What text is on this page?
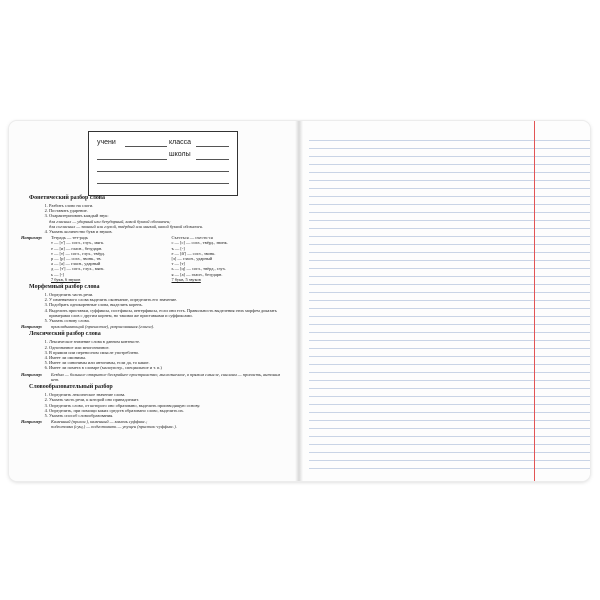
учени	класса
школы
Фонетический разбор слова
1. Разбить слово на слоги.
2. Поставить ударение.
3. Охарактеризовать каждый звук:
для гласных — ударный или безударный, какой буквой обозначен;
для согласных — звонкий или глухой, твёрдый или мягкий, какой буквой обозначен.
4. Указать количество букв и звуков.
Например:	Тетрадь — тет-радь
т — [т'] — согл., глух., мягк.
е — [и] — гласн., безударн.
т — [т] — согл., глух., твёрд.
р — [р] — согл., звонк., тв.
а — [а] — гласн., ударный
д — [т'] — согл., глух., мягк.
ь — [-]
7 букв, 6 звуков
Съесться — съесть-ся
с — [с] — согл., твёрд., звонк.
ъ — [-]
е — [й'] — согл., звонк.
[э] — гласн., ударный
т — [т]
ь — [ц] — согл., твёрд., глух.
я — [а] — гласн., безударн.
7 букв, 5 звуков
Морфемный разбор слова
1. Определить часть речи.
2. У изменяемого слова выделить окончание, определить его значение.
3. Подобрать однокоренные слова, выделить корень.
4. Выделить приставки, суффиксы, постфиксы, интерфиксы, если они есть. Правильность выделения этих морфем доказать примерами слов с другим корнем, но такими же приставками и суффиксами.
5. Указать основу слова.
Например:	прикладывающий (причастие), разрисованная (глагол).
Лексический разбор слова
1. Лексическое значение слова в данном контексте.
2. Однозначное или многозначное.
3. В прямом или переносном смысле употреблено.
4. Имеет ли омонимы.
5. Имеет ли синонимы или антонимы, если да, то какие.
6. Имеет ли помета в словаре (малоупотр., специальное и т. п.)
Например:	Бездна — большое открытое бескрайнее пространство; многозначное, в прямом смысле, синоним — пропасть, антоним нет.
Словообразовательный разбор
1. Определить лексическое значение слова.
2. Указать часть речи, к которой оно принадлежит.
3. Определить слово, от которого оно образовано, выделить производящую основу.
4. Определить, при помощи каких средств образовано слово, выделить их.
5. Указать способ словообразования.
Например:	Каменный (прилаг.), каменный — камень суффикс.;
подготовка (сущ.) — подготовить — упущен (пристав.-суффикс.).
